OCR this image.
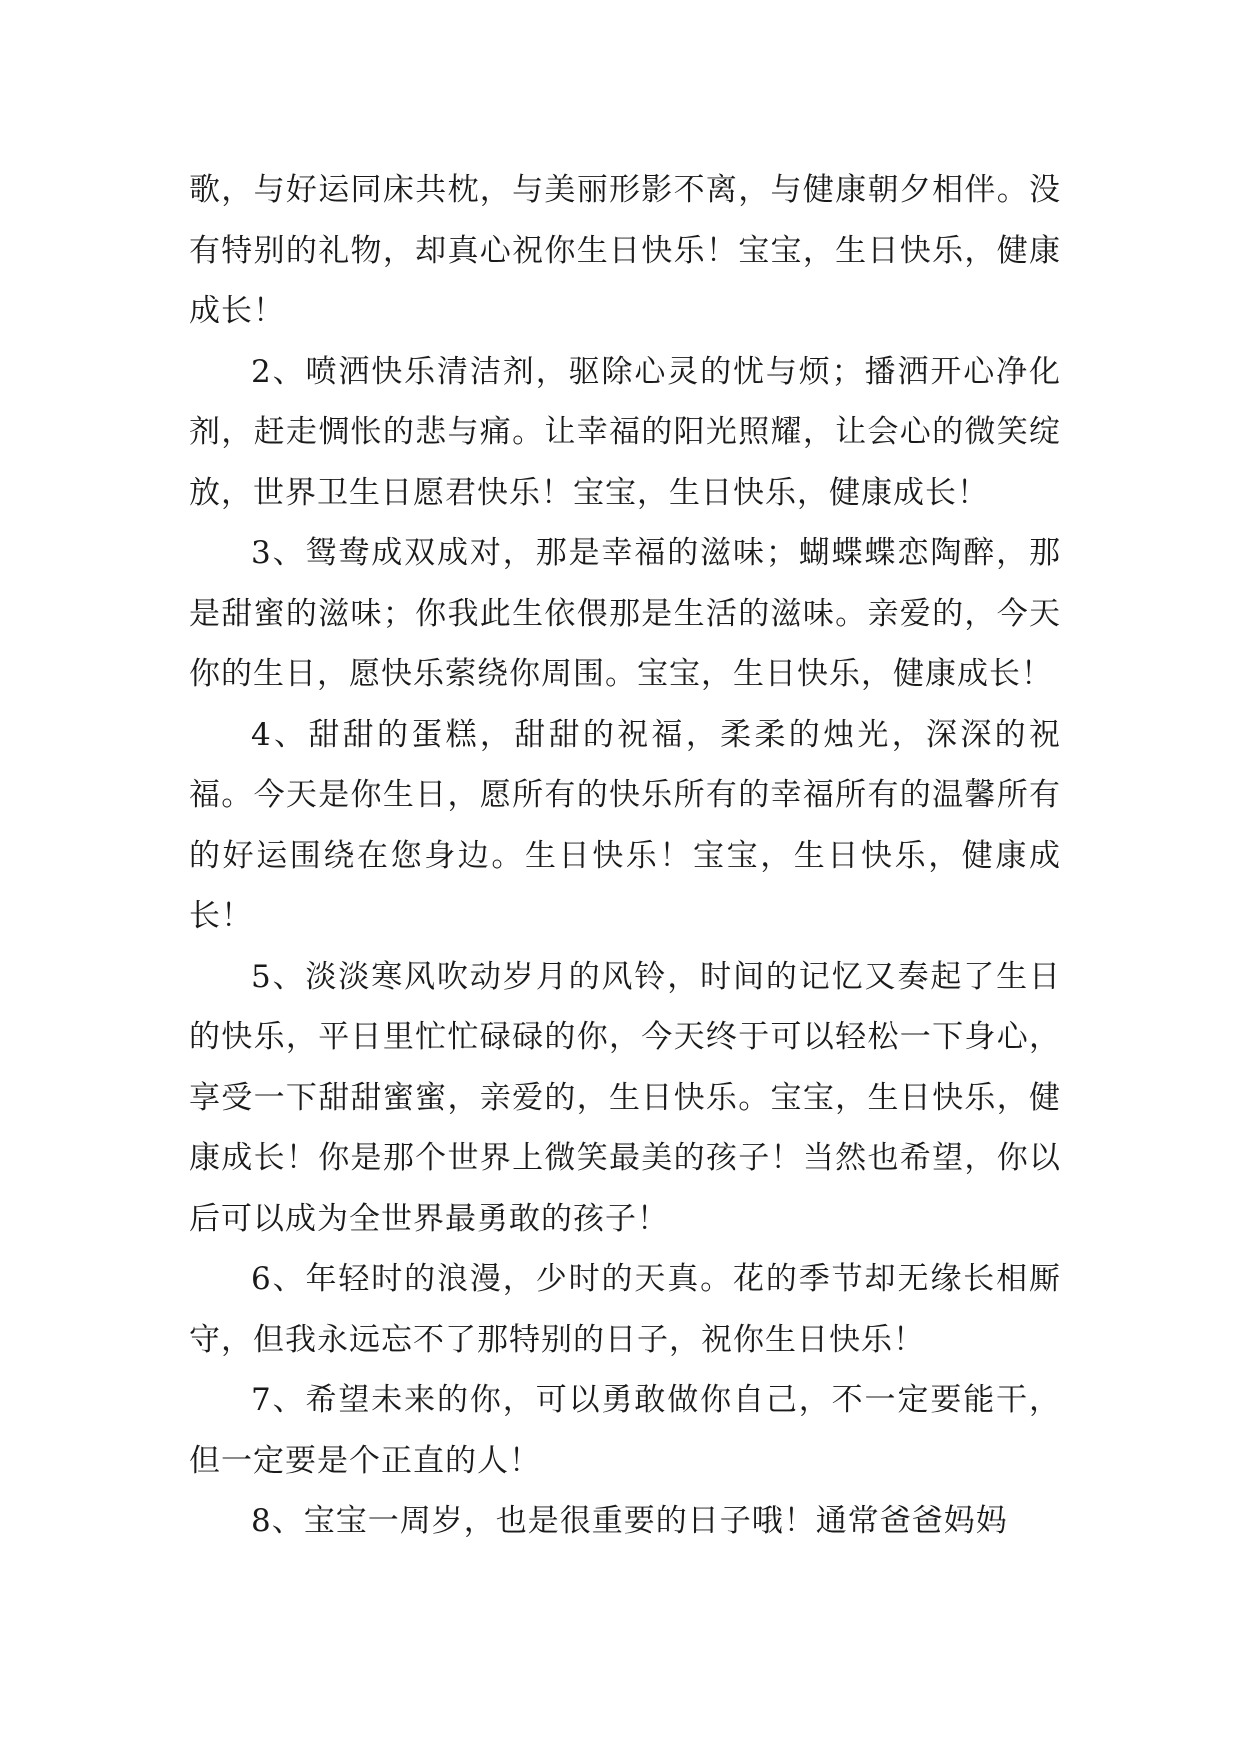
歌，与好运同床共枕，与美丽形影不离，与健康朝夕相伴。没有特别的礼物，却真心祝你生日快乐！宝宝，生日快乐，健康成长！

2、喷洒快乐清洁剂，驱除心灵的忧与烦；播洒开心净化剂，赶走惆怅的悲与痛。让幸福的阳光照耀，让会心的微笑绽放，世界卫生日愿君快乐！宝宝，生日快乐，健康成长！

3、鸳鸯成双成对，那是幸福的滋味；蝴蝶蝶恋陶醉，那是甜蜜的滋味；你我此生依偎那是生活的滋味。亲爱的，今天你的生日，愿快乐萦绕你周围。宝宝，生日快乐，健康成长！

4、甜甜的蛋糕，甜甜的祝福，柔柔的烛光，深深的祝福。今天是你生日，愿所有的快乐所有的幸福所有的温馨所有的好运围绕在您身边。生日快乐！宝宝，生日快乐，健康成长！

5、淡淡寒风吹动岁月的风铃，时间的记忆又奏起了生日的快乐，平日里忙忙碌碌的你，今天终于可以轻松一下身心，享受一下甜甜蜜蜜，亲爱的，生日快乐。宝宝，生日快乐，健康成长！你是那个世界上微笑最美的孩子！当然也希望，你以后可以成为全世界最勇敢的孩子！

6、年轻时的浪漫，少时的天真。花的季节却无缘长相厮守，但我永远忘不了那特别的日子，祝你生日快乐！

7、希望未来的你，可以勇敢做你自己，不一定要能干，但一定要是个正直的人！

8、宝宝一周岁，也是很重要的日子哦！通常爸爸妈妈
